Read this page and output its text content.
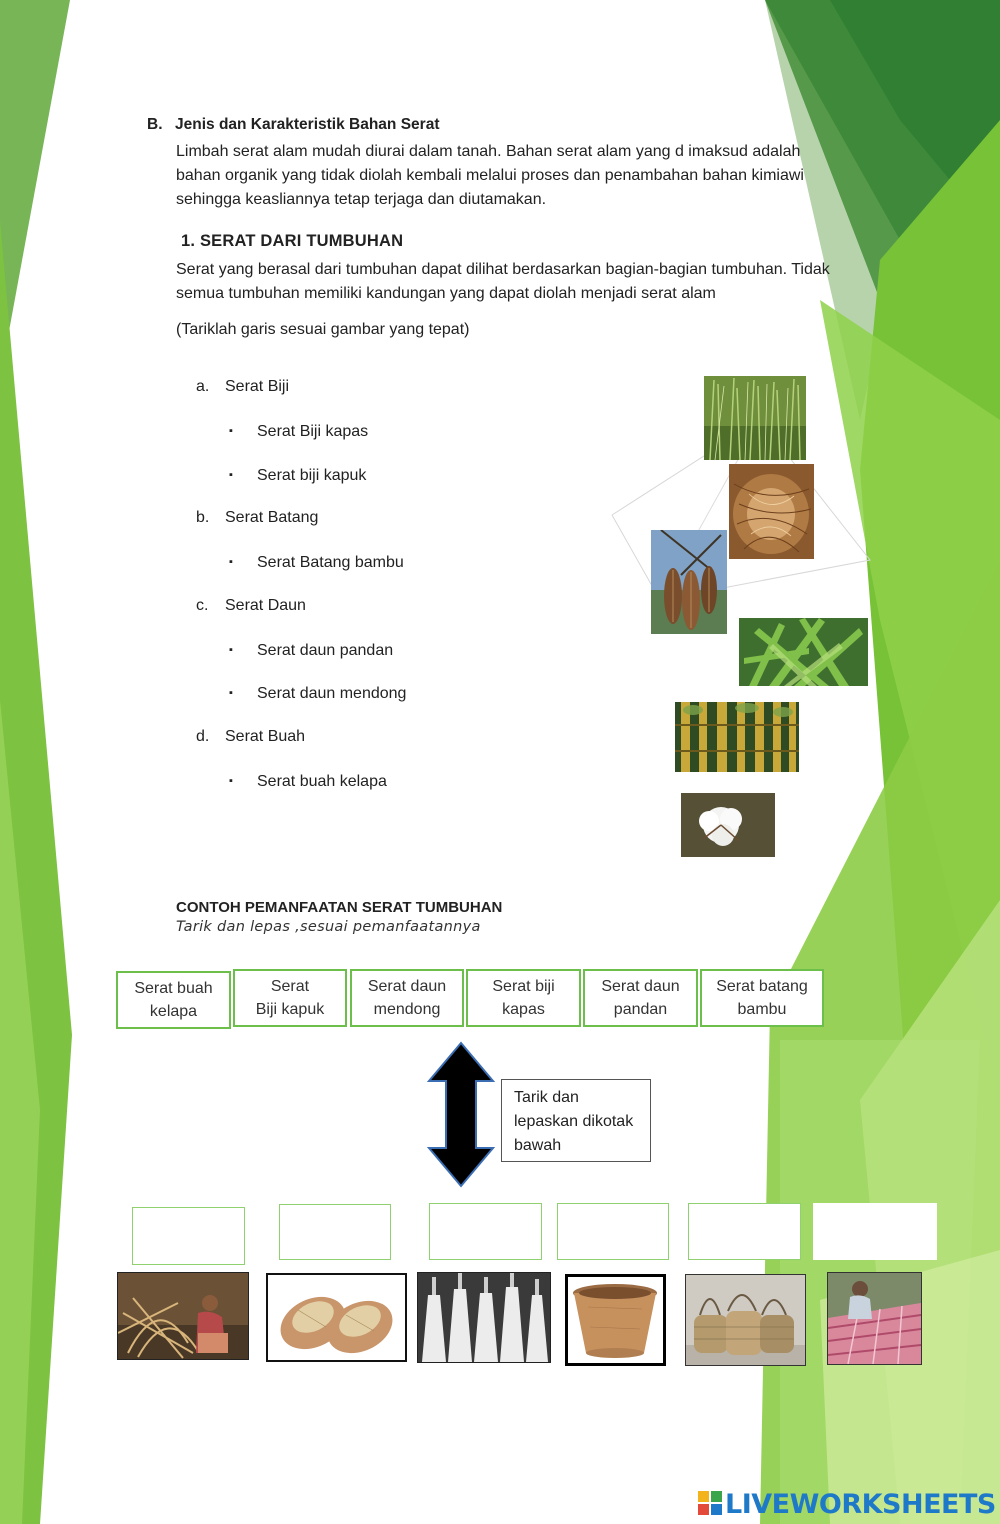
B. Jenis dan Karakteristik Bahan Serat
Limbah serat alam mudah diurai dalam tanah. Bahan serat alam yang d imaksud adalah
bahan organik yang tidak diolah kembali melalui proses dan penambahan bahan kimiawi
sehingga keasliannya tetap terjaga dan diutamakan.
1. SERAT DARI TUMBUHAN
Serat yang berasal dari tumbuhan dapat dilihat berdasarkan bagian-bagian tumbuhan. Tidak
semua tumbuhan memiliki kandungan yang dapat diolah menjadi serat alam
(Tariklah garis sesuai gambar yang tepat)
a. Serat Biji
▪ Serat Biji kapas
▪ Serat biji kapuk
b. Serat Batang
▪ Serat Batang bambu
c. Serat Daun
▪ Serat daun pandan
▪ Serat daun mendong
d. Serat Buah
▪ Serat buah kelapa
CONTOH PEMANFAATAN SERAT TUMBUHAN
Tarik dan lepas ,sesuai pemanfaatannya
Serat buah
kelapa
Serat
Biji kapuk
Serat daun
mendong
Serat biji
kapas
Serat daun
pandan
Serat batang
bambu
Tarik dan
lepaskan dikotak
bawah
LIVEWORKSHEETS
